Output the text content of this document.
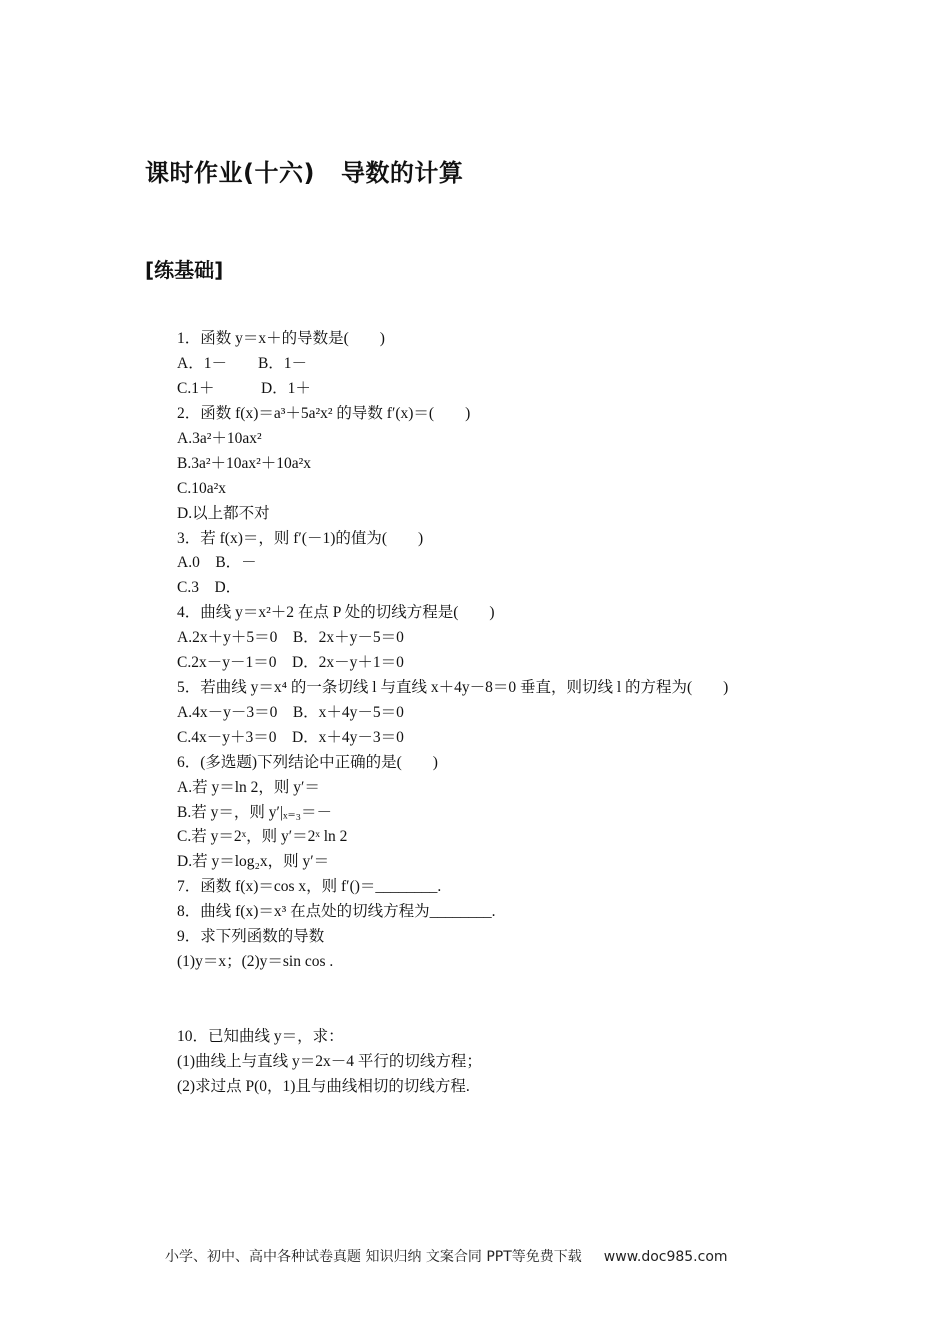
课时作业(十六) 导数的计算
[练基础]
1．函数 y＝x＋的导数是(　　)
A．1－　　B．1－
C.1＋　　　D．1＋
2．函数 f(x)＝a³＋5a²x² 的导数 f′(x)＝(　　)
A.3a²＋10ax²
B.3a²＋10ax²＋10a²x
C.10a²x
D.以上都不对
3．若 f(x)＝，则 f′(－1)的值为(　　)
A.0　B．－
C.3　D．
4．曲线 y＝x²＋2 在点 P 处的切线方程是(　　)
A.2x＋y＋5＝0　B．2x＋y－5＝0
C.2x－y－1＝0　D．2x－y＋1＝0
5．若曲线 y＝x⁴ 的一条切线 l 与直线 x＋4y－8＝0 垂直，则切线 l 的方程为(　　)
A.4x－y－3＝0　B．x＋4y－5＝0
C.4x－y＋3＝0　D．x＋4y－3＝0
6．(多选题)下列结论中正确的是(　　)
A.若 y＝ln 2，则 y′＝
B.若 y＝，则 y′|ₓ₌₃＝－
C.若 y＝2ˣ，则 y′＝2ˣ ln 2
D.若 y＝log₂x，则 y′＝
7．函数 f(x)＝cos x，则 f′()＝________.
8．曲线 f(x)＝x³ 在点处的切线方程为________.
9．求下列函数的导数
(1)y＝x；(2)y＝sin cos .
10．已知曲线 y＝，求：
(1)曲线上与直线 y＝2x－4 平行的切线方程；
(2)求过点 P(0，1)且与曲线相切的切线方程.
小学、初中、高中各种试卷真题 知识归纳 文案合同 PPT等免费下载 www.doc985.com
